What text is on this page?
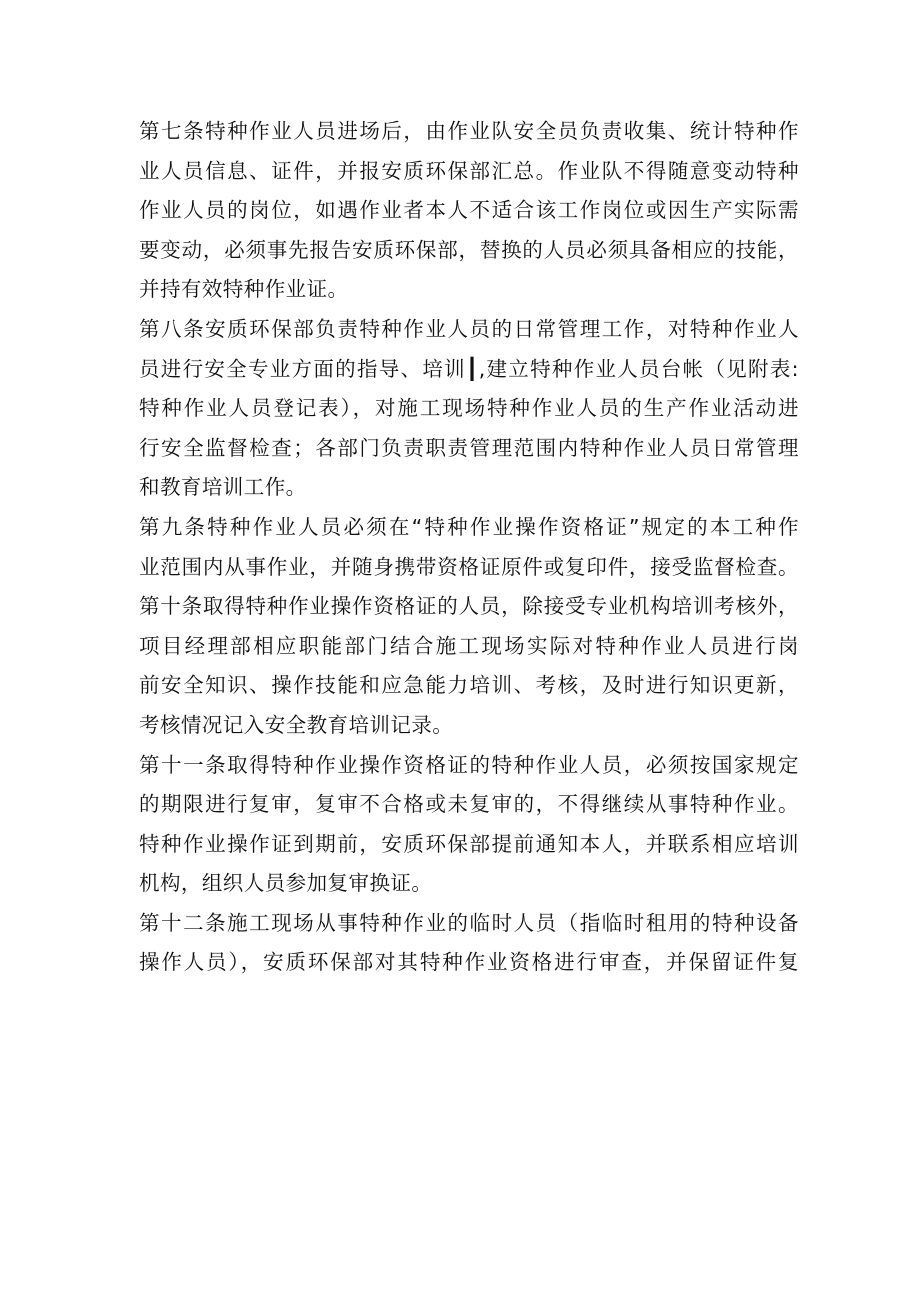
第七条特种作业人员进场后，由作业队安全员负责收集、统计特种作
业人员信息、证件，并报安质环保部汇总。作业队不得随意变动特种
作业人员的岗位，如遇作业者本人不适合该工作岗位或因生产实际需
要变动，必须事先报告安质环保部，替换的人员必须具备相应的技能，
并持有效特种作业证。
第八条安质环保部负责特种作业人员的日常管理工作，对特种作业人
员进行安全专业方面的指导、培训┃,建立特种作业人员台帐（见附表:
特种作业人员登记表），对施工现场特种作业人员的生产作业活动进
行安全监督检查；各部门负责职责管理范围内特种作业人员日常管理
和教育培训工作。
第九条特种作业人员必须在“特种作业操作资格证”规定的本工种作
业范围内从事作业，并随身携带资格证原件或复印件，接受监督检查。
第十条取得特种作业操作资格证的人员，除接受专业机构培训考核外，
项目经理部相应职能部门结合施工现场实际对特种作业人员进行岗
前安全知识、操作技能和应急能力培训、考核，及时进行知识更新，
考核情况记入安全教育培训记录。
第十一条取得特种作业操作资格证的特种作业人员，必须按国家规定
的期限进行复审，复审不合格或未复审的，不得继续从事特种作业。
特种作业操作证到期前，安质环保部提前通知本人，并联系相应培训
机构，组织人员参加复审换证。
第十二条施工现场从事特种作业的临时人员（指临时租用的特种设备
操作人员），安质环保部对其特种作业资格进行审查，并保留证件复
